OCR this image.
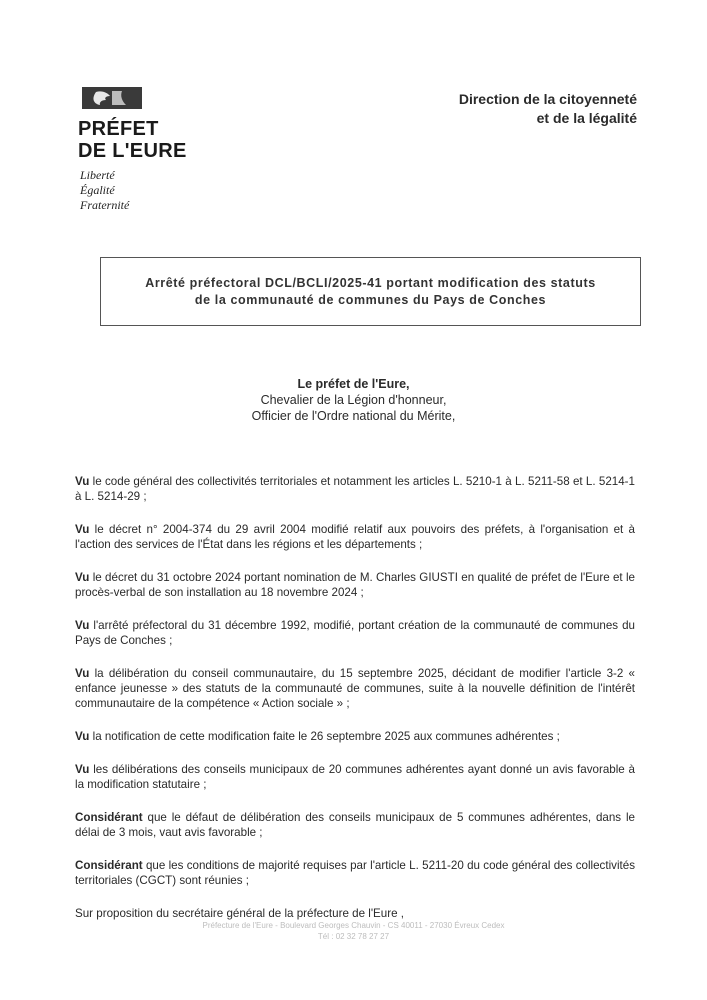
PRÉFET
DE L'EURE
Liberté
Égalité
Fraternité
Direction de la citoyenneté
et de la légalité
Arrêté préfectoral DCL/BCLI/2025-41 portant modification des statuts
de la communauté de communes du Pays de Conches
Le préfet de l'Eure,
Chevalier de la Légion d'honneur,
Officier de l'Ordre national du Mérite,

Vu le code général des collectivités territoriales et notamment les articles L. 5210-1 à L. 5211-58 et L. 5214-1 à L. 5214-29 ;

Vu le décret n° 2004-374 du 29 avril 2004 modifié relatif aux pouvoirs des préfets, à l'organisation et à l'action des services de l'État dans les régions et les départements ;

Vu le décret du 31 octobre 2024 portant nomination de M. Charles GIUSTI en qualité de préfet de l'Eure et le procès-verbal de son installation au 18 novembre 2024 ;

Vu l'arrêté préfectoral du 31 décembre 1992, modifié, portant création de la communauté de communes du Pays de Conches ;

Vu la délibération du conseil communautaire, du 15 septembre 2025, décidant de modifier l'article 3-2 « enfance jeunesse » des statuts de la communauté de communes, suite à la nouvelle définition de l'intérêt communautaire de la compétence « Action sociale » ;

Vu la notification de cette modification faite le 26 septembre 2025 aux communes adhérentes ;

Vu les délibérations des conseils municipaux de 20 communes adhérentes ayant donné un avis favorable à la modification statutaire ;

Considérant que le défaut de délibération des conseils municipaux de 5 communes adhérentes, dans le délai de 3 mois, vaut avis favorable ;

Considérant que les conditions de majorité requises par l'article L. 5211-20 du code général des collectivités territoriales (CGCT) sont réunies ;

Sur proposition du secrétaire général de la préfecture de l'Eure ,

Préfecture de l'Eure - Boulevard Georges Chauvin - CS 40011 - 27030 Évreux Cedex
Tél : 02 32 78 27 27
